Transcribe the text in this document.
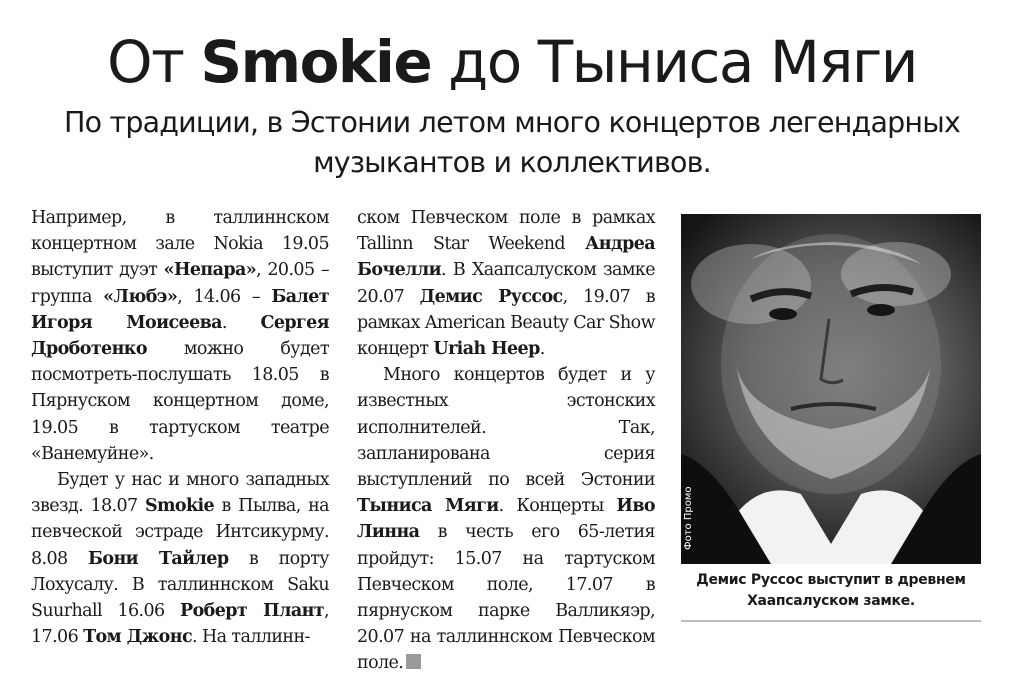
От Smokie до Тыниса Мяги
По традиции, в Эстонии летом много концертов легендарных музыкантов и коллективов.

Например, в таллиннском концертном зале Nokia 19.05 выступит дуэт «Непара», 20.05 – группа «Любэ», 14.06 – Балет Игоря Моисеева. Сергея Дроботенко можно будет посмотреть-послушать 18.05 в Пярнуском концертном доме, 19.05 в тартуском театре «Ванемуйне».

Будет у нас и много западных звезд. 18.07 Smokie в Пылва, на певческой эстраде Интсикурму. 8.08 Бони Тайлер в порту Лохусалу. В таллиннском Saku Suurhall 16.06 Роберт Плант, 17.06 Том Джонс. На таллинн-

ском Певческом поле в рамках Tallinn Star Weekend Андреа Бочелли. В Хаапсалуском замке 20.07 Демис Руссос, 19.07 в рамках American Beauty Car Show концерт Uriah Heep.

Много концертов будет и у известных эстонских исполнителей. Так, запланирована серия выступлений по всей Эстонии Тыниса Мяги. Концерты Иво Линна в честь его 65-летия пройдут: 15.07 на тартуском Певческом поле, 17.07 в пярнуском парке Валликяэр, 20.07 на таллиннском Певческом поле.

Фото Промо
Демис Руссос выступит в древнем Хаапсалуском замке.
